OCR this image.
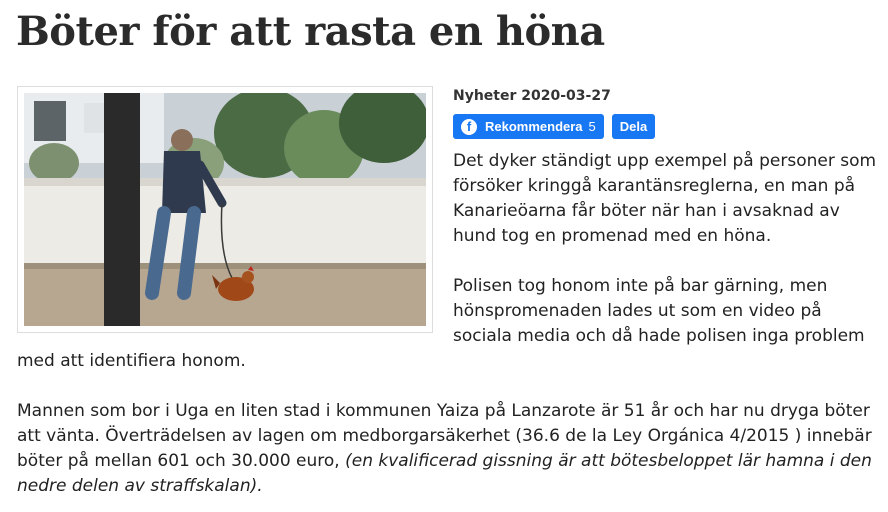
Böter för att rasta en höna
Nyheter 2020-03-27
f	Rekommendera 5 Dela

Det dyker ständigt upp exempel på personer som försöker kringgå karantänsreglerna, en man på Kanarieöarna får böter när han i avsaknad av hund tog en promenad med en höna.

Polisen tog honom inte på bar gärning, men hönspromenaden lades ut som en video på sociala media och då hade polisen inga problem med att identifiera honom.

Mannen som bor i Uga en liten stad i kommunen Yaiza på Lanzarote är 51 år och har nu dryga böter att vänta. Överträdelsen av lagen om medborgarsäkerhet (36.6 de la Ley Orgánica 4/2015 ) innebär böter på mellan 601 och 30.000 euro, (en kvalificerad gissning är att bötesbeloppet lär hamna i den nedre delen av straffskalan).
